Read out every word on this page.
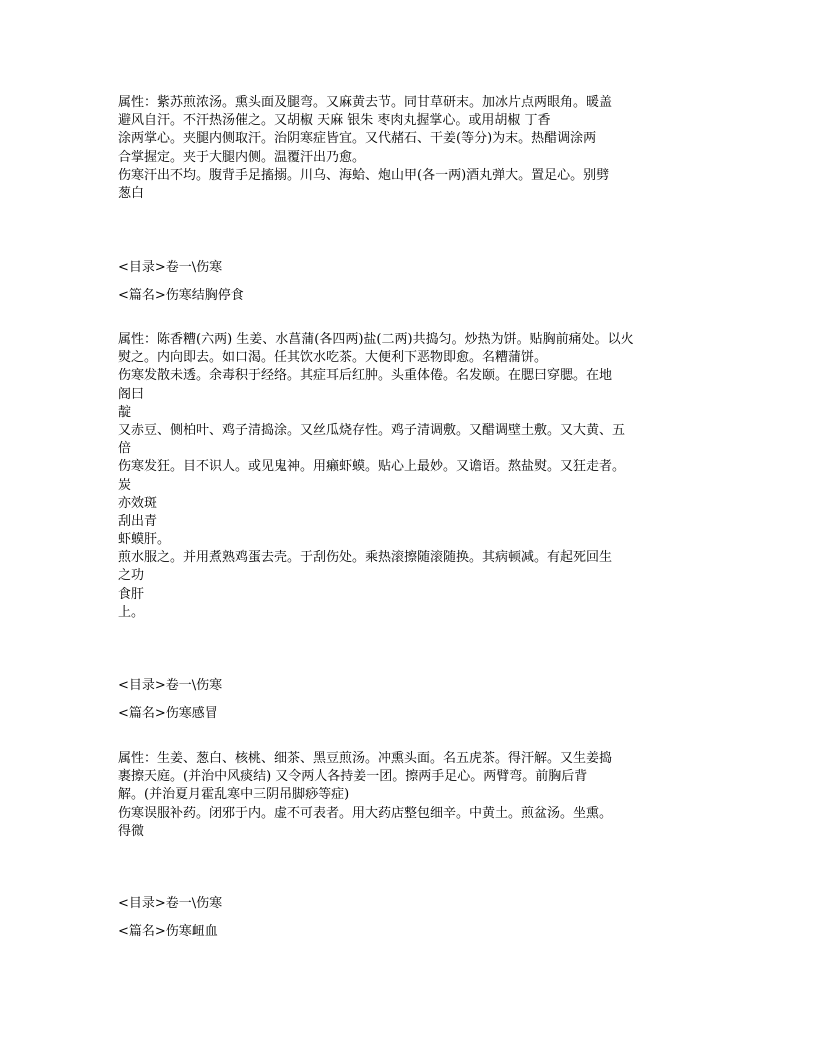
属性：紫苏煎浓汤。熏头面及腿弯。又麻黄去节。同甘草研末。加冰片点两眼角。暖盖
避风自汗。不汗热汤催之。又胡椒 天麻 银朱 枣肉丸握掌心。或用胡椒 丁香
涂两掌心。夹腿内侧取汗。治阴寒症皆宜。又代赭石、干姜(等分)为末。热醋调涂两
合掌握定。夹于大腿内侧。温覆汗出乃愈。
伤寒汗出不均。腹背手足搐搦。川乌、海蛤、炮山甲(各一两)酒丸弹大。置足心。别劈
葱白
<目录>卷一\伤寒
<篇名>伤寒结胸停食
属性：陈香糟(六两) 生姜、水菖蒲(各四两)盐(二两)共捣匀。炒热为饼。贴胸前痛处。以火
熨之。内向即去。如口渴。任其饮水吃茶。大便利下恶物即愈。名糟蒲饼。
伤寒发散未透。余毒积于经络。其症耳后红肿。头重体倦。名发颐。在腮曰穿腮。在地
阁曰
靛
又赤豆、侧柏叶、鸡子清捣涂。又丝瓜烧存性。鸡子清调敷。又醋调壁土敷。又大黄、五
倍
伤寒发狂。目不识人。或见鬼神。用癞虾蟆。贴心上最妙。又谵语。熬盐熨。又狂走者。
炭
亦效斑
刮出青
虾蟆肝。
煎水服之。并用煮熟鸡蛋去壳。于刮伤处。乘热滚擦随滚随换。其病顿减。有起死回生
之功
食肝
上。
<目录>卷一\伤寒
<篇名>伤寒感冒
属性：生姜、葱白、核桃、细茶、黑豆煎汤。冲熏头面。名五虎茶。得汗解。又生姜捣
裹擦天庭。(并治中风痰结) 又令两人各持姜一团。擦两手足心。两臂弯。前胸后背
解。(并治夏月霍乱寒中三阴吊脚痧等症)
伤寒误服补药。闭邪于内。虚不可表者。用大药店整包细辛。中黄土。煎盆汤。坐熏。
得微
<目录>卷一\伤寒
<篇名>伤寒衄血
